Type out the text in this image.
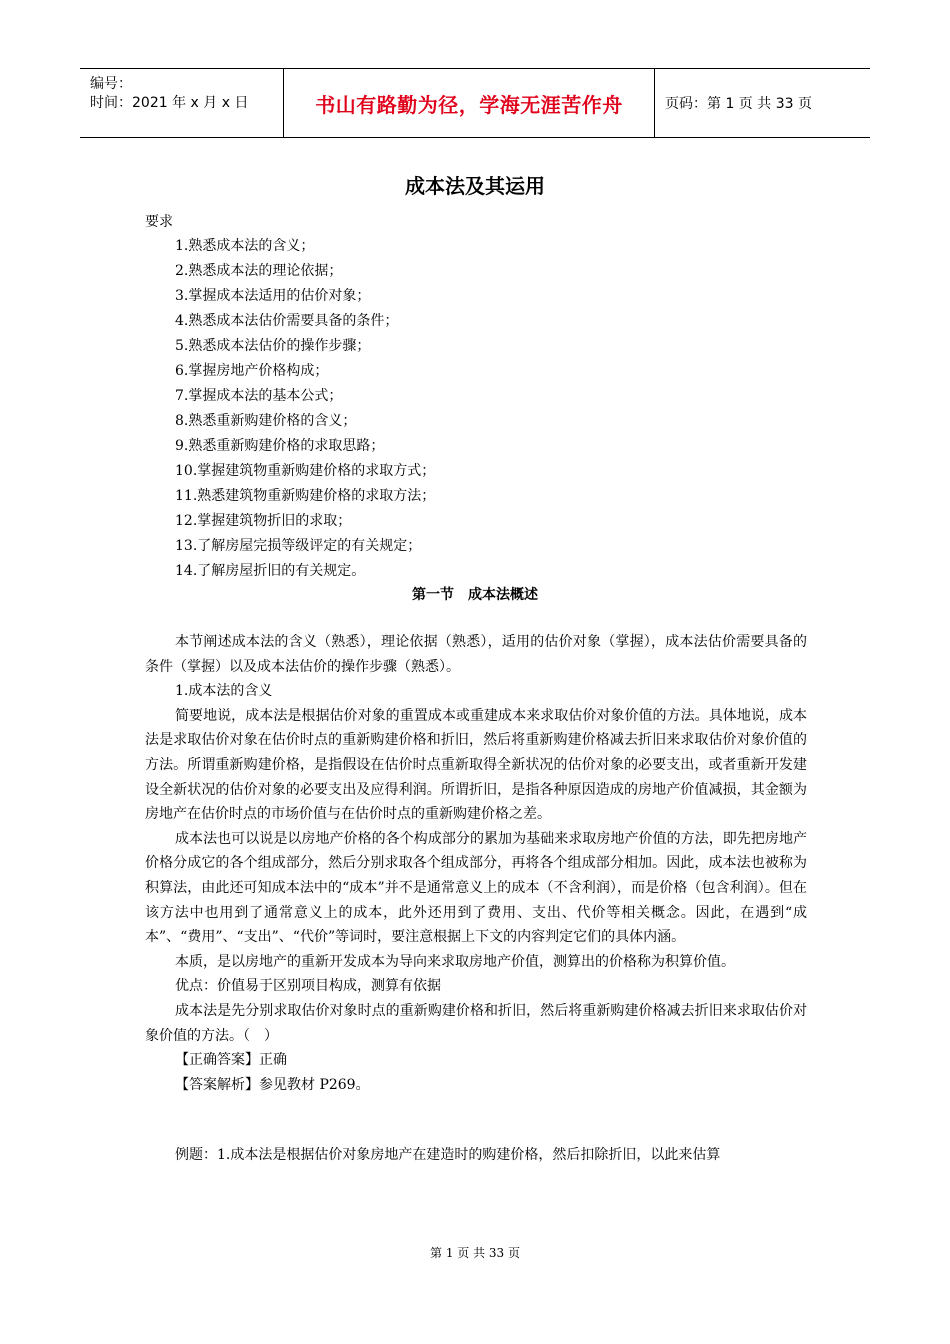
编号：
时间：2021 年 x 月 x 日	书山有路勤为径，学海无涯苦作舟	页码：第 1 页 共 33 页
成本法及其运用
要求
1.熟悉成本法的含义；
2.熟悉成本法的理论依据；
3.掌握成本法适用的估价对象；
4.熟悉成本法估价需要具备的条件；
5.熟悉成本法估价的操作步骤；
6.掌握房地产价格构成；
7.掌握成本法的基本公式；
8.熟悉重新购建价格的含义；
9.熟悉重新购建价格的求取思路；
10.掌握建筑物重新购建价格的求取方式；
11.熟悉建筑物重新购建价格的求取方法；
12.掌握建筑物折旧的求取；
13.了解房屋完损等级评定的有关规定；
14.了解房屋折旧的有关规定。
第一节　成本法概述

本节阐述成本法的含义（熟悉），理论依据（熟悉），适用的估价对象（掌握），成本法估价需要具备的条件（掌握）以及成本法估价的操作步骤（熟悉）。

1.成本法的含义

简要地说，成本法是根据估价对象的重置成本或重建成本来求取估价对象价值的方法。具体地说，成本法是求取估价对象在估价时点的重新购建价格和折旧，然后将重新购建价格减去折旧来求取估价对象价值的方法。所谓重新购建价格，是指假设在估价时点重新取得全新状况的估价对象的必要支出，或者重新开发建设全新状况的估价对象的必要支出及应得利润。所谓折旧，是指各种原因造成的房地产价值减损，其金额为房地产在估价时点的市场价值与在估价时点的重新购建价格之差。

成本法也可以说是以房地产价格的各个构成部分的累加为基础来求取房地产价值的方法，即先把房地产价格分成它的各个组成部分，然后分别求取各个组成部分，再将各个组成部分相加。因此，成本法也被称为积算法，由此还可知成本法中的“成本”并不是通常意义上的成本（不含利润），而是价格（包含利润）。但在该方法中也用到了通常意义上的成本，此外还用到了费用、支出、代价等相关概念。因此，在遇到“成本”、“费用”、“支出”、“代价”等词时，要注意根据上下文的内容判定它们的具体内涵。

本质，是以房地产的重新开发成本为导向来求取房地产价值，测算出的价格称为积算价值。

优点：价值易于区别项目构成，测算有依据

成本法是先分别求取估价对象时点的重新购建价格和折旧，然后将重新购建价格减去折旧来求取估价对象价值的方法。（　）

【正确答案】正确

【答案解析】参见教材 P269。

例题：1.成本法是根据估价对象房地产在建造时的购建价格，然后扣除折旧，以此来估算

第 1 页 共 33 页
